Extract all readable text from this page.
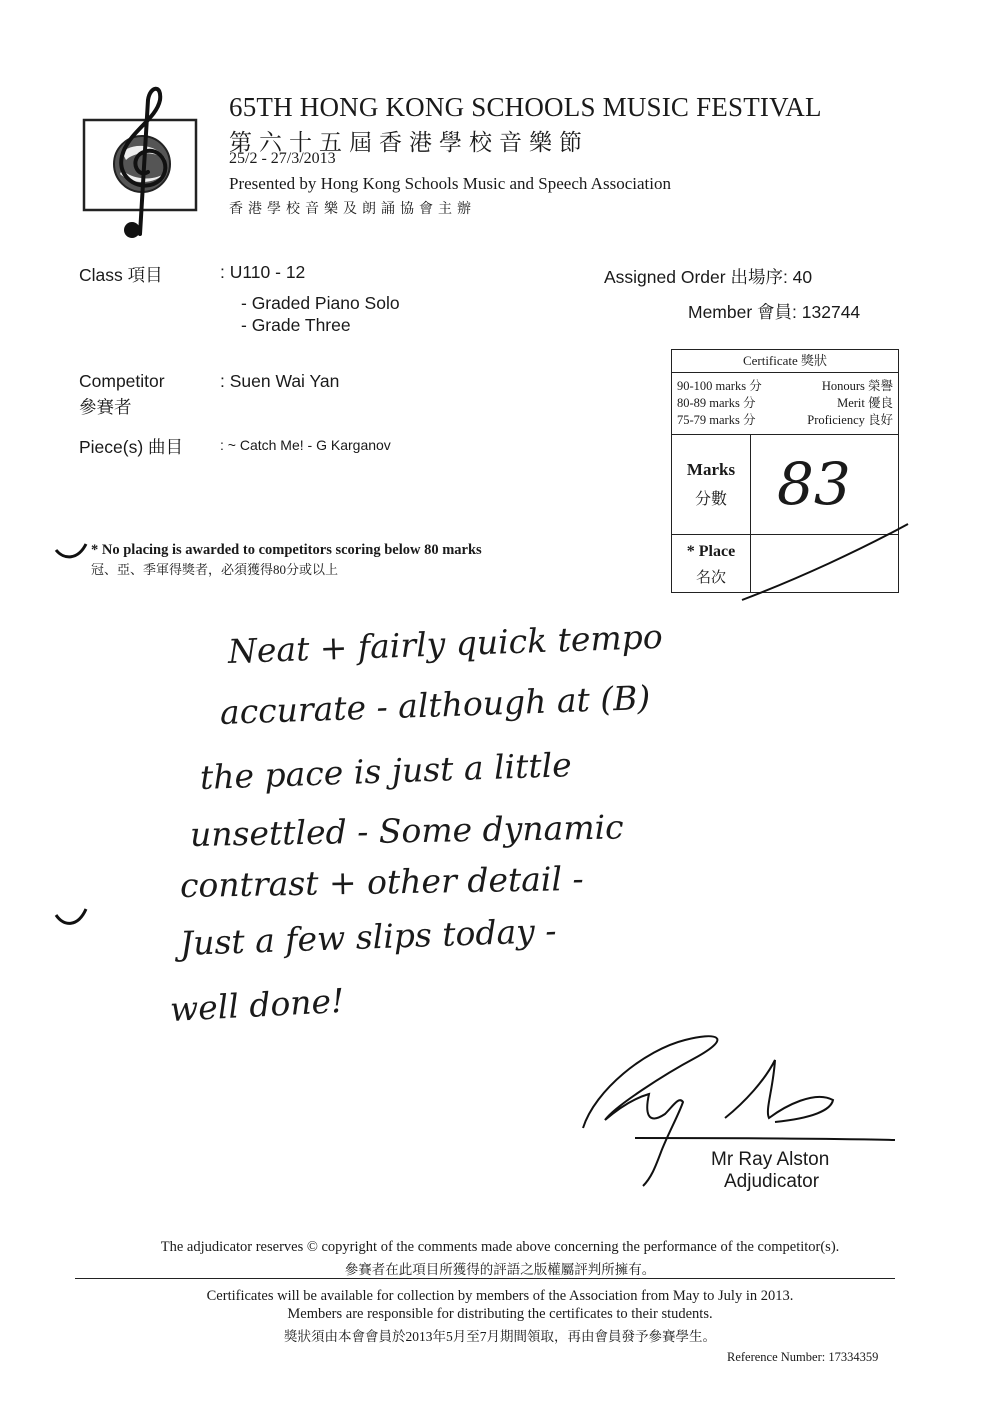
65TH HONG KONG SCHOOLS MUSIC FESTIVAL
第六十五屆香港學校音樂節
25/2 - 27/3/2013
Presented by Hong Kong Schools Music and Speech Association
香港學校音樂及朗誦協會主辦
Class 項目	: U110 - 12
- Graded Piano Solo
- Grade Three
Assigned Order 出場序: 40
Member 會員: 132744
Competitor
參賽者
: Suen Wai Yan
Piece(s) 曲目	: ~ Catch Me! - G Karganov
Certificate 獎狀
90-100 marks 分	Honours 榮譽
80-89 marks 分	Merit 優良
75-79 marks 分	Proficiency 良好
Marks
分數 83
* Place
名次
* No placing is awarded to competitors scoring below 80 marks
冠、亞、季軍得獎者，必須獲得80分或以上
Neat + fairly quick tempo
accurate - although at (B)
the pace is just a little
unsettled - Some dynamic
contrast + other detail -
Just a few slips today -
well done!
Mr Ray Alston
Adjudicator
The adjudicator reserves © copyright of the comments made above concerning the performance of the competitor(s).
參賽者在此項目所獲得的評語之版權屬評判所擁有。
Certificates will be available for collection by members of the Association from May to July in 2013.
Members are responsible for distributing the certificates to their students.
獎狀須由本會會員於2013年5月至7月期間領取，再由會員發予參賽學生。
Reference Number: 17334359
